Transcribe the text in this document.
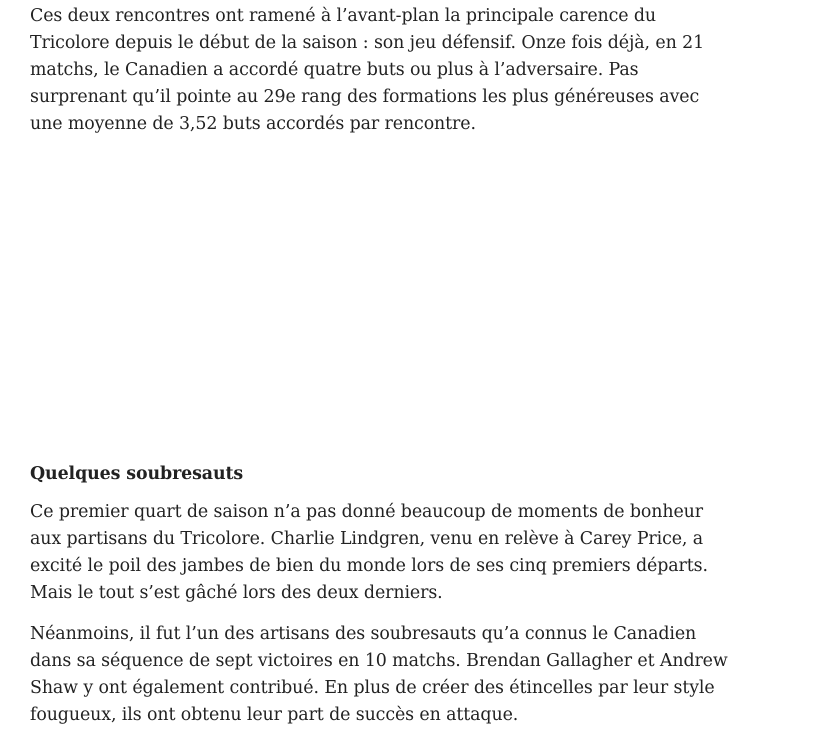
Ces deux rencontres ont ramené à l’avant-plan la principale carence du
Tricolore depuis le début de la saison : son jeu défensif. Onze fois déjà, en 21
matchs, le Canadien a accordé quatre buts ou plus à l’adversaire. Pas
surprenant qu’il pointe au 29e rang des formations les plus généreuses avec
une moyenne de 3,52 buts accordés par rencontre.

Quelques soubresauts

Ce premier quart de saison n’a pas donné beaucoup de moments de bonheur
aux partisans du Tricolore. Charlie Lindgren, venu en relève à Carey Price, a
excité le poil des jambes de bien du monde lors de ses cinq premiers départs.
Mais le tout s’est gâché lors des deux derniers.

Néanmoins, il fut l’un des artisans des soubresauts qu’a connus le Canadien
dans sa séquence de sept victoires en 10 matchs. Brendan Gallagher et Andrew
Shaw y ont également contribué. En plus de créer des étincelles par leur style
fougueux, ils ont obtenu leur part de succès en attaque.
